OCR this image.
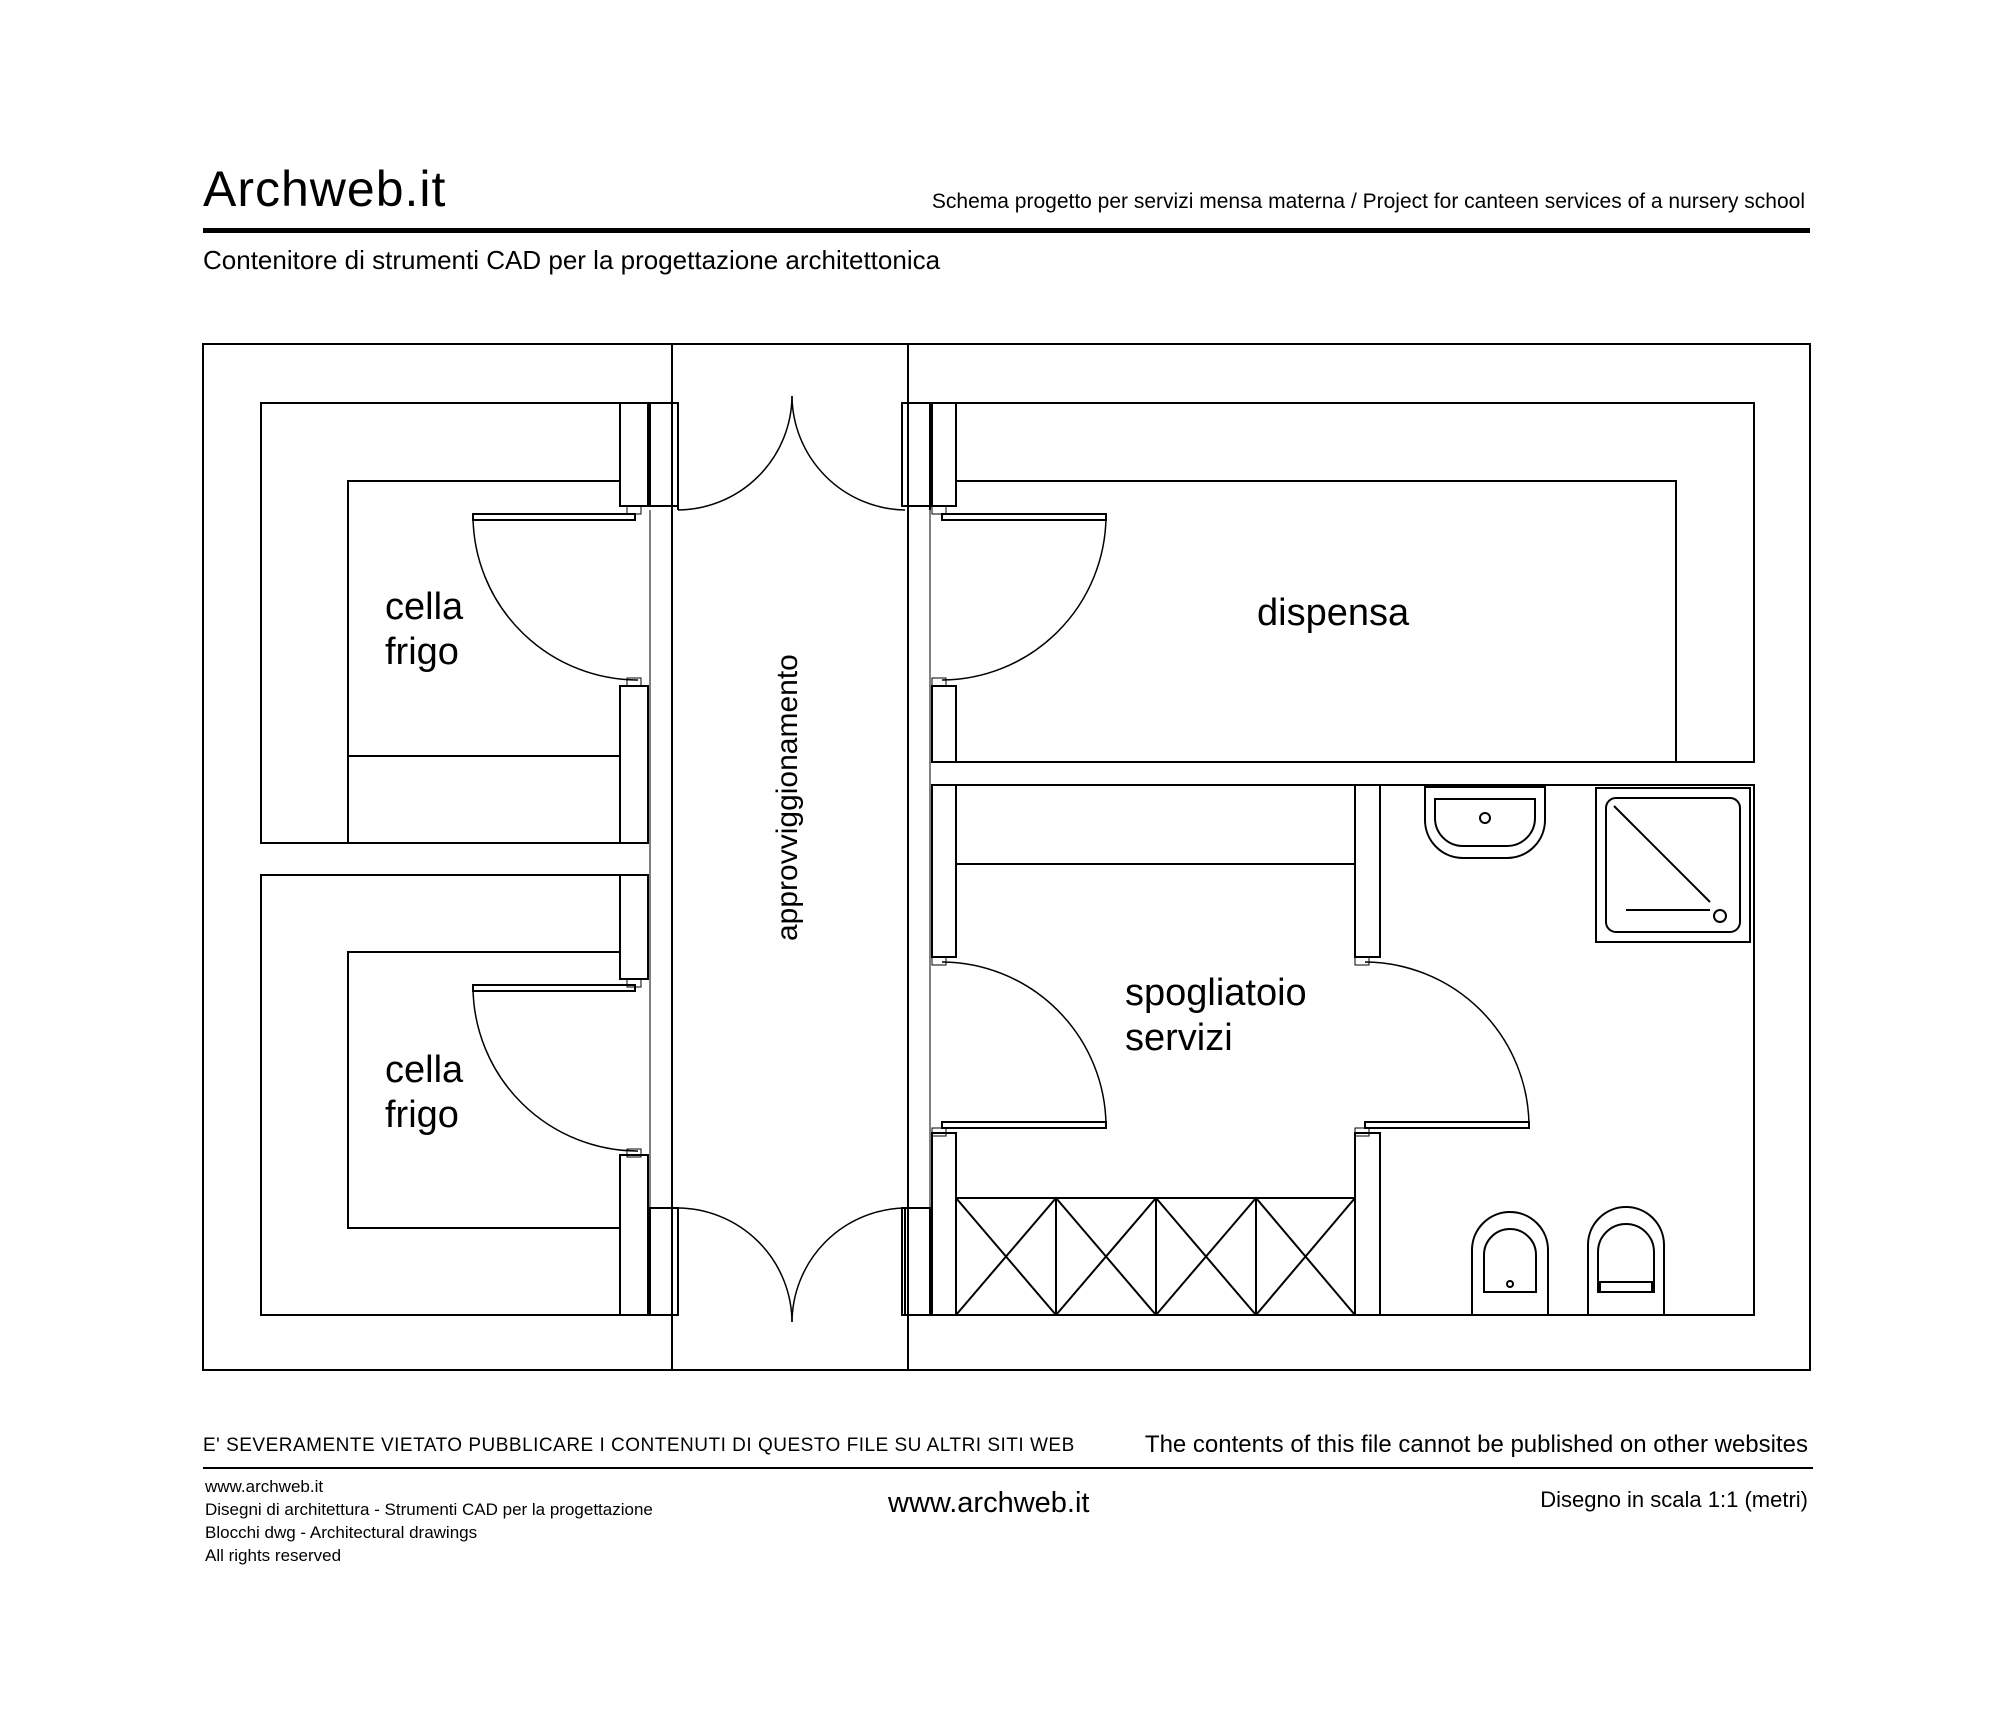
Archweb.it	Schema progetto per servizi mensa materna / Project for canteen services of a nursery school
Contenitore di strumenti CAD per la progettazione architettonica
cella
frigo
cella
frigo
dispensa
spogliatoio
servizi
approvviggionamento
E' SEVERAMENTE VIETATO PUBBLICARE I CONTENUTI DI QUESTO FILE SU ALTRI SITI WEB	The contents of this file cannot be published on other websites
www.archweb.it
Disegni di architettura - Strumenti CAD per la progettazione
Blocchi dwg - Architectural drawings
All rights reserved
www.archweb.it	Disegno in scala 1:1 (metri)
